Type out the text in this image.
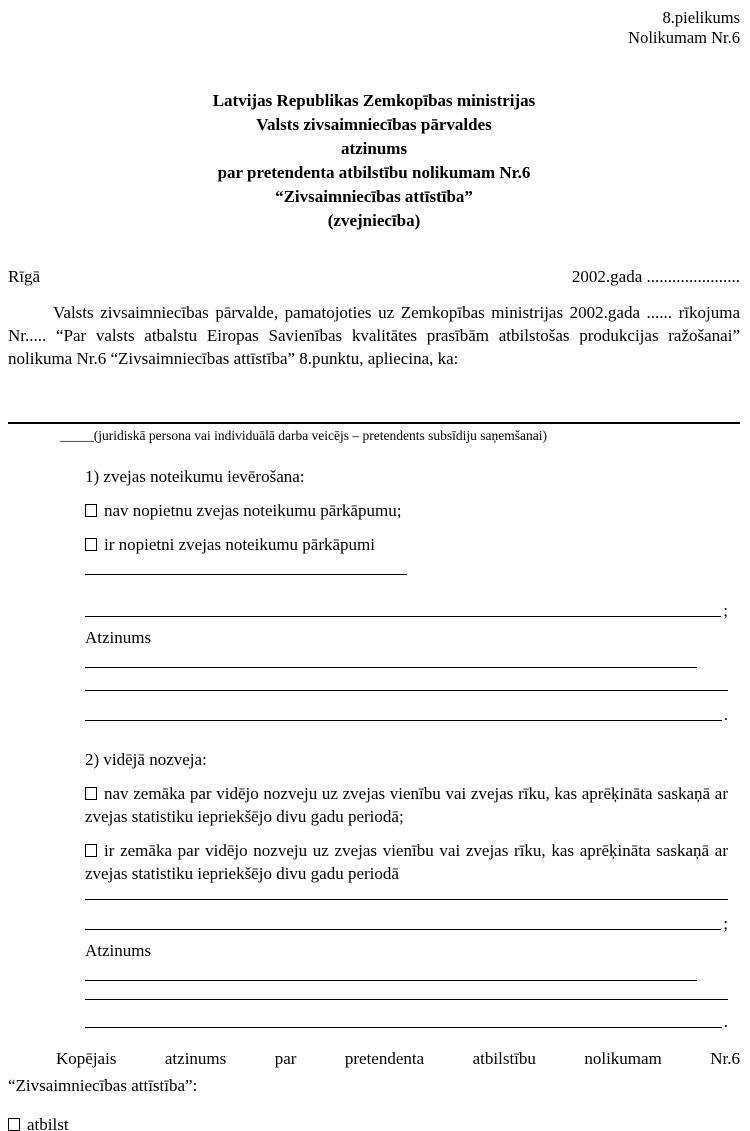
8.pielikums
Nolikumam Nr.6
Latvijas Republikas Zemkopības ministrijas
Valsts zivsaimniecības pārvaldes
atzinums
par pretendenta atbilstību nolikumam Nr.6
“Zivsaimniecības attīstība”
(zvejniecība)
Rīgā	2002.gada ......................

Valsts zivsaimniecības pārvalde, pamatojoties uz Zemkopības ministrijas 2002.gada ...... rīkojuma Nr..... “Par valsts atbalstu Eiropas Savienības kvalitātes prasībām atbilstošas produkcijas ražošanai” nolikuma Nr.6 “Zivsaimniecības attīstība” 8.punktu, apliecina, ka:

_____(juridiskā persona vai individuālā darba veicējs – pretendents subsīdiju saņemšanai)

1) zvejas noteikumu ievērošana:

nav nopietnu zvejas noteikumu pārkāpumu;

ir nopietni zvejas noteikumu pārkāpumi

;

Atzinums

.

2) vidējā nozveja:

nav zemāka par vidējo nozveju uz zvejas vienību vai zvejas rīku, kas aprēķināta saskaņā ar zvejas statistiku iepriekšējo divu gadu periodā;

ir zemāka par vidējo nozveju uz zvejas vienību vai zvejas rīku, kas aprēķināta saskaņā ar zvejas statistiku iepriekšējo divu gadu periodā

;

Atzinums

.

Kopējais atzinums par pretendenta atbilstību nolikumam Nr.6

“Zivsaimniecības attīstība”:

atbilst
